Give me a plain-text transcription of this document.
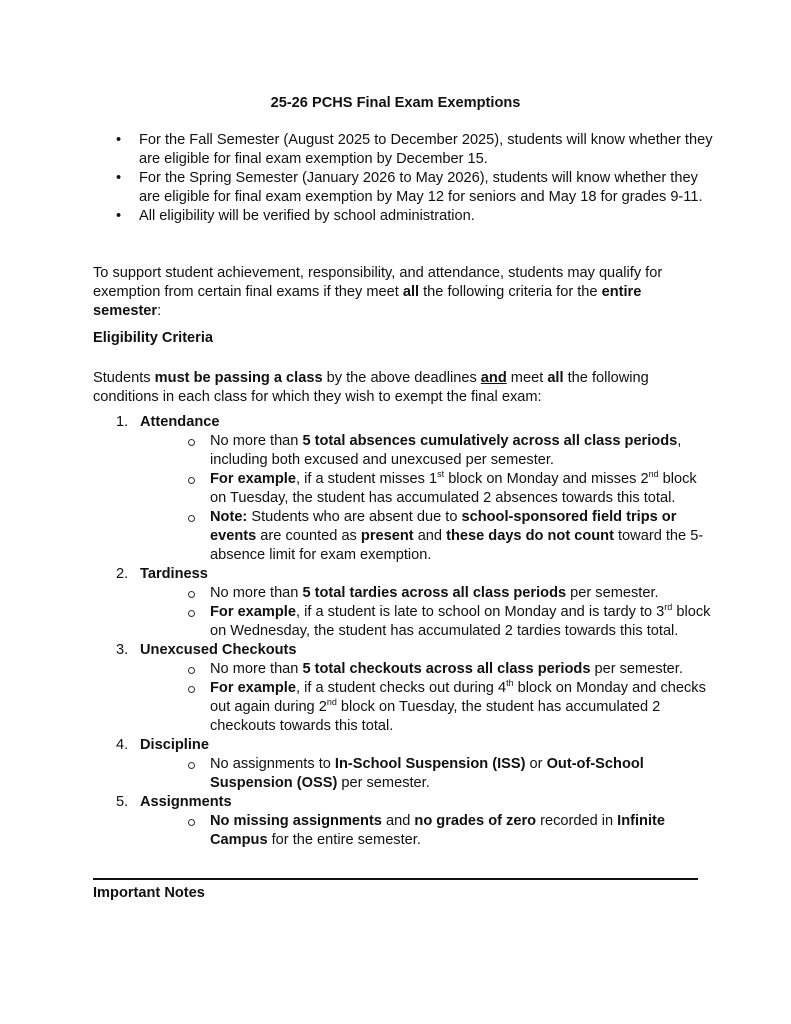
25-26 PCHS Final Exam Exemptions
• For the Fall Semester (August 2025 to December 2025), students will know whether they are eligible for final exam exemption by December 15.
• For the Spring Semester (January 2026 to May 2026), students will know whether they are eligible for final exam exemption by May 12 for seniors and May 18 for grades 9-11.
• All eligibility will be verified by school administration.

To support student achievement, responsibility, and attendance, students may qualify for exemption from certain final exams if they meet all the following criteria for the entire semester:

Eligibility Criteria

Students must be passing a class by the above deadlines and meet all the following conditions in each class for which they wish to exempt the final exam:

1. Attendance
No more than 5 total absences cumulatively across all class periods, including both excused and unexcused per semester.
For example, if a student misses 1st block on Monday and misses 2nd block on Tuesday, the student has accumulated 2 absences towards this total.
Note: Students who are absent due to school-sponsored field trips or events are counted as present and these days do not count toward the 5-absence limit for exam exemption.
2. Tardiness
No more than 5 total tardies across all class periods per semester.
For example, if a student is late to school on Monday and is tardy to 3rd block on Wednesday, the student has accumulated 2 tardies towards this total.
3. Unexcused Checkouts
No more than 5 total checkouts across all class periods per semester.
For example, if a student checks out during 4th block on Monday and checks out again during 2nd block on Tuesday, the student has accumulated 2 checkouts towards this total.
4. Discipline
No assignments to In-School Suspension (ISS) or Out-of-School Suspension (OSS) per semester.
5. Assignments
No missing assignments and no grades of zero recorded in Infinite Campus for the entire semester.

Important Notes
